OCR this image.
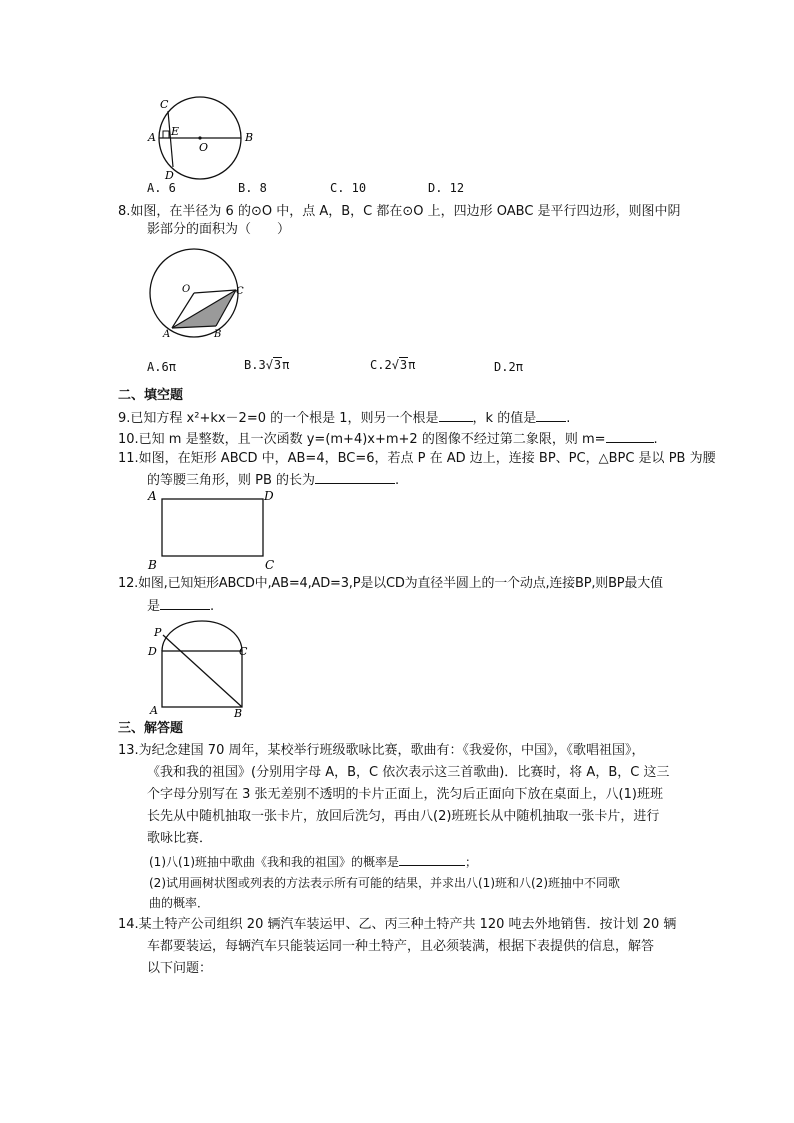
C
A E
O
B
D
A. 6	B. 8	C. 10	D. 12
8.如图，在半径为 6 的⊙O 中，点 A，B，C 都在⊙O 上，四边形 OABC 是平行四边形，则图中阴
影部分的面积为（　　）
O	C
A	B
A.6π	B.3√3π	C.2√3π	D.2π
二、填空题
9.已知方程 x²+kx－2=0 的一个根是 1，则另一个根是	，k 的值是 .
10.已知 m 是整数，且一次函数 y=(m+4)x+m+2 的图像不经过第二象限，则 m=	.
11.如图，在矩形 ABCD 中，AB=4，BC=6，若点 P 在 AD 边上，连接 BP、PC，△BPC 是以 PB 为腰
的等腰三角形，则 PB 的长为	.
A	D
B	C
12.如图,已知矩形ABCD中,AB=4,AD=3,P是以CD为直径半圆上的一个动点,连接BP,则BP最大值
是	.
P
D	C
A	B
三、解答题
13.为纪念建国 70 周年，某校举行班级歌咏比赛，歌曲有：《我爱你，中国》，《歌唱祖国》，
《我和我的祖国》(分别用字母 A，B，C 依次表示这三首歌曲)．比赛时，将 A，B，C 这三
个字母分别写在 3 张无差别不透明的卡片正面上，洗匀后正面向下放在桌面上，八(1)班班
长先从中随机抽取一张卡片，放回后洗匀，再由八(2)班班长从中随机抽取一张卡片，进行
歌咏比赛．
(1)八(1)班抽中歌曲《我和我的祖国》的概率是	；
(2)试用画树状图或列表的方法表示所有可能的结果，并求出八(1)班和八(2)班抽中不同歌
曲的概率．
14.某土特产公司组织 20 辆汽车装运甲、乙、丙三种土特产共 120 吨去外地销售．按计划 20 辆
车都要装运，每辆汽车只能装运同一种土特产，且必须装满，根据下表提供的信息，解答
以下问题：
